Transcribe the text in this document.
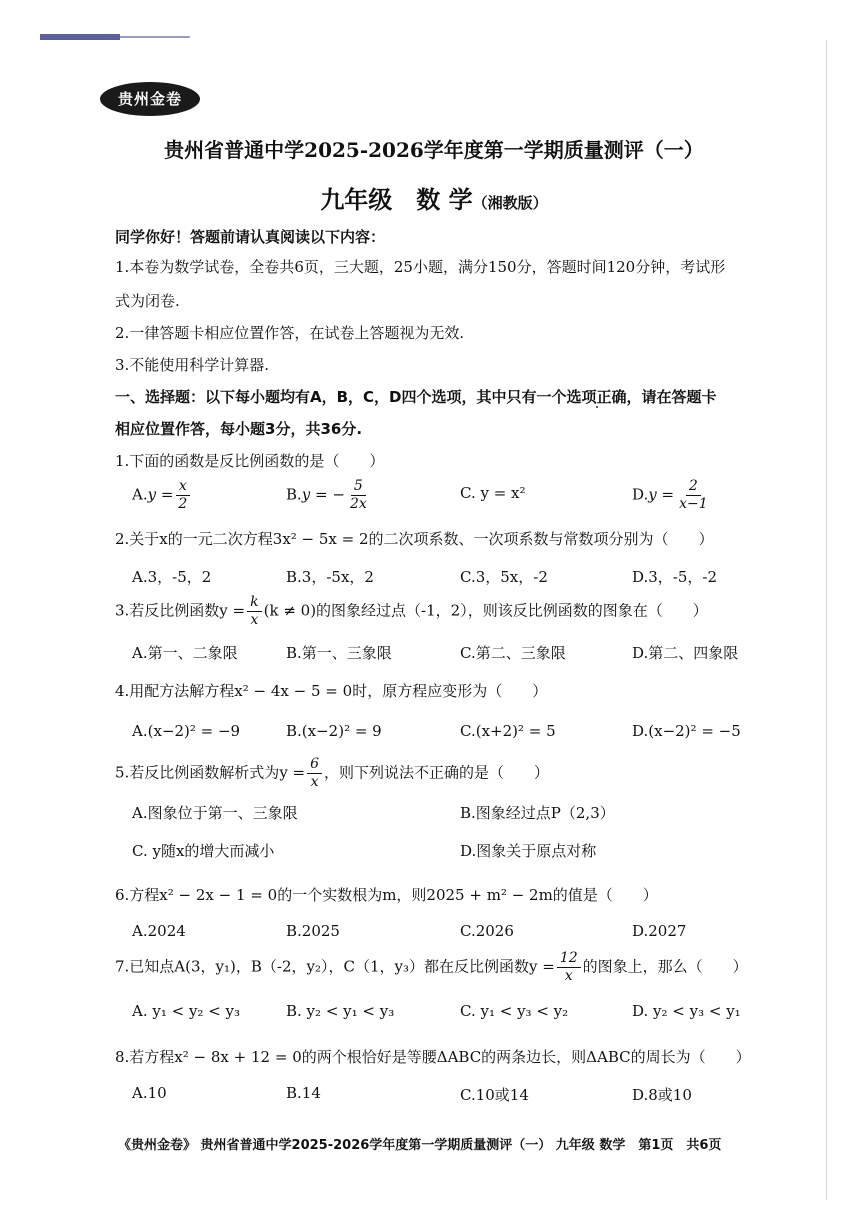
贵州金卷
贵州省普通中学2025-2026学年度第一学期质量测评（一）
九年级　数 学（湘教版）
同学你好！答题前请认真阅读以下内容：
1.本卷为数学试卷，全卷共6页，三大题，25小题，满分150分，答题时间120分钟，考试形
式为闭卷.
2.一律答题卡相应位置作答，在试卷上答题视为无效.
3.不能使用科学计算器.
一、选择题：以下每小题均有A，B，C，D四个选项，其中只有一个选项正确，请在答题卡
相应位置作答，每小题3分，共36分.
1.下面的函数是反比例函数的是（　　）
$A.y = \frac{x}{2}$	B.y = − $\frac{5}{2x}$	C. y = x²	$D.y = \frac{2}{x-1}$
2.关于x的一元二次方程3x² − 5x = 2的二次项系数、一次项系数与常数项分别为（　　）
A.3，-5，2	B.3，-5x，2	C.3，5x，-2	D.3，-5，-2
3.若反比例函数$y = \frac{k}{x} (k \ne 0)$的图象经过点（-1，2），则该反比例函数的图象在（　　）
A.第一、二象限	B.第一、三象限	C.第二、三象限	D.第二、四象限
4.用配方法解方程x² − 4x − 5 = 0时，原方程应变形为（　　）
A.(x−2)² = −9	B.(x−2)² = 9	C.(x+2)² = 5	D.(x−2)² = −5
5.若反比例函数解析式为$y = \frac{6}{x}$ ，则下列说法不正确的是（　　）
A.图象位于第一、三象限	B.图象经过点P（2,3）
C. y随x的增大而减小	D.图象关于原点对称
6.方程x² − 2x − 1 = 0的一个实数根为m，则2025 + m² − 2m的值是（　　）
A.2024	B.2025	C.2026	D.2027
7.已知点A(3，y₁)，B（-2，y₂），C（1，y₃）都在反比例函数$y = \frac{12}{x}$ 的图象上，那么（　　）
A. y₁ < y₂ < y₃	B. y₂ < y₁ < y₃	C. y₁ < y₃ < y₂	D. y₂ < y₃ < y₁
8.若方程x² − 8x + 12 = 0的两个根恰好是等腰ΔABC的两条边长，则ΔABC的周长为（　　）
A.10	B.14	C.10或14	D.8或10
《贵州金卷》 贵州省普通中学2025-2026学年度第一学期质量测评（一） 九年级 数学　第1页　共6页
